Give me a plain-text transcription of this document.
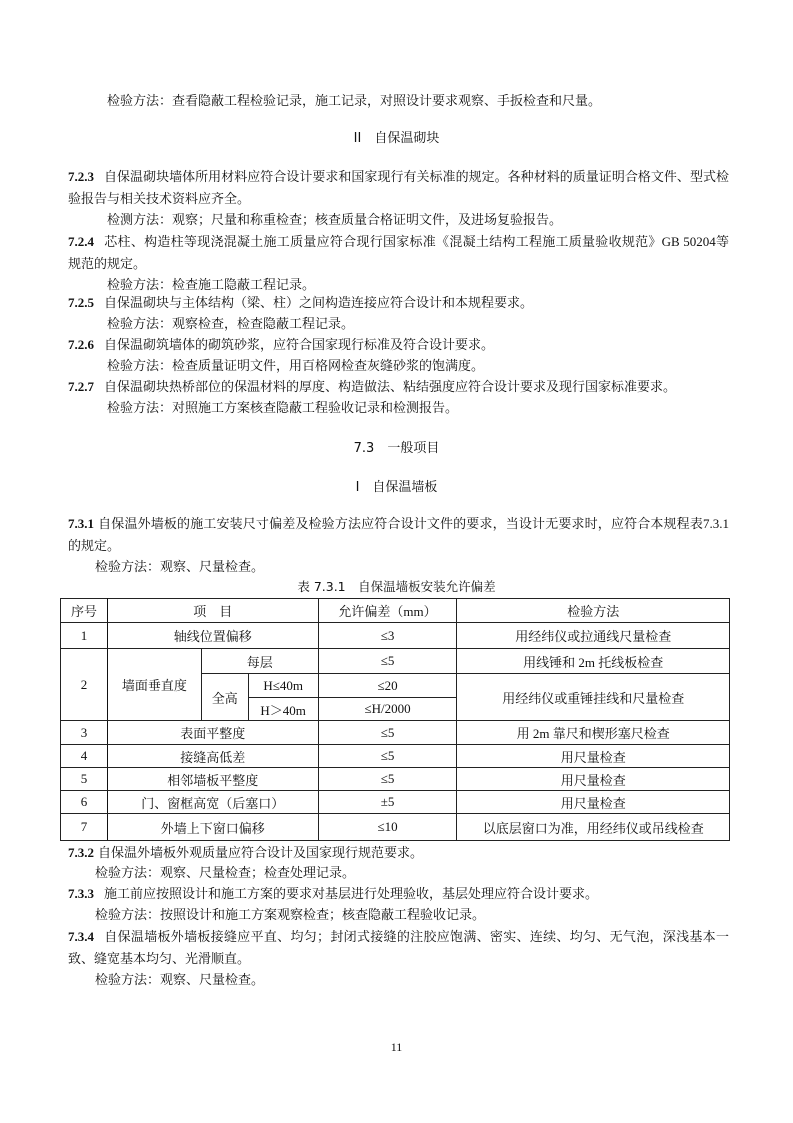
检验方法：查看隐蔽工程检验记录，施工记录，对照设计要求观察、手扳检查和尺量。
II　自保温砌块
7.2.3 自保温砌块墙体所用材料应符合设计要求和国家现行有关标准的规定。各种材料的质量证明合格文件、型式检验报告与相关技术资料应齐全。
检测方法：观察；尺量和称重检查；核查质量合格证明文件，及进场复验报告。
7.2.4 芯柱、构造柱等现浇混凝土施工质量应符合现行国家标准《混凝土结构工程施工质量验收规范》GB 50204等规范的规定。
检验方法：检查施工隐蔽工程记录。
7.2.5 自保温砌块与主体结构（梁、柱）之间构造连接应符合设计和本规程要求。
检验方法：观察检查，检查隐蔽工程记录。
7.2.6 自保温砌筑墙体的砌筑砂浆，应符合国家现行标准及符合设计要求。
检验方法：检查质量证明文件，用百格网检查灰缝砂浆的饱满度。
7.2.7 自保温砌块热桥部位的保温材料的厚度、构造做法、粘结强度应符合设计要求及现行国家标准要求。
检验方法：对照施工方案核查隐蔽工程验收记录和检测报告。
7.3　一般项目
I　自保温墙板
7.3.1 自保温外墙板的施工安装尺寸偏差及检验方法应符合设计文件的要求，当设计无要求时，应符合本规程表7.3.1 的规定。
检验方法：观察、尺量检查。
表 7.3.1　自保温墙板安装允许偏差
序号	项　目			允许偏差（mm）	检验方法
1	轴线位置偏移			≤3	用经纬仪或拉通线尺量检查
2	墙面垂直度	每层		≤5	用线锤和 2m 托线板检查
		全高	H≤40m	≤20	用经纬仪或重锤挂线和尺量检查
			H＞40m	≤H/2000	
3	表面平整度			≤5	用 2m 靠尺和楔形塞尺检查
4	接缝高低差			≤5	用尺量检查
5	相邻墙板平整度			≤5	用尺量检查
6	门、窗框高宽（后塞口）			±5	用尺量检查
7	外墙上下窗口偏移			≤10	以底层窗口为准，用经纬仪或吊线检查
7.3.2 自保温外墙板外观质量应符合设计及国家现行规范要求。
检验方法：观察、尺量检查；检查处理记录。
7.3.3 施工前应按照设计和施工方案的要求对基层进行处理验收，基层处理应符合设计要求。
检验方法：按照设计和施工方案观察检查；核查隐蔽工程验收记录。
7.3.4 自保温墙板外墙板接缝应平直、均匀；封闭式接缝的注胶应饱满、密实、连续、均匀、无气泡，深浅基本一致、缝宽基本均匀、光滑顺直。
检验方法：观察、尺量检查。
11
